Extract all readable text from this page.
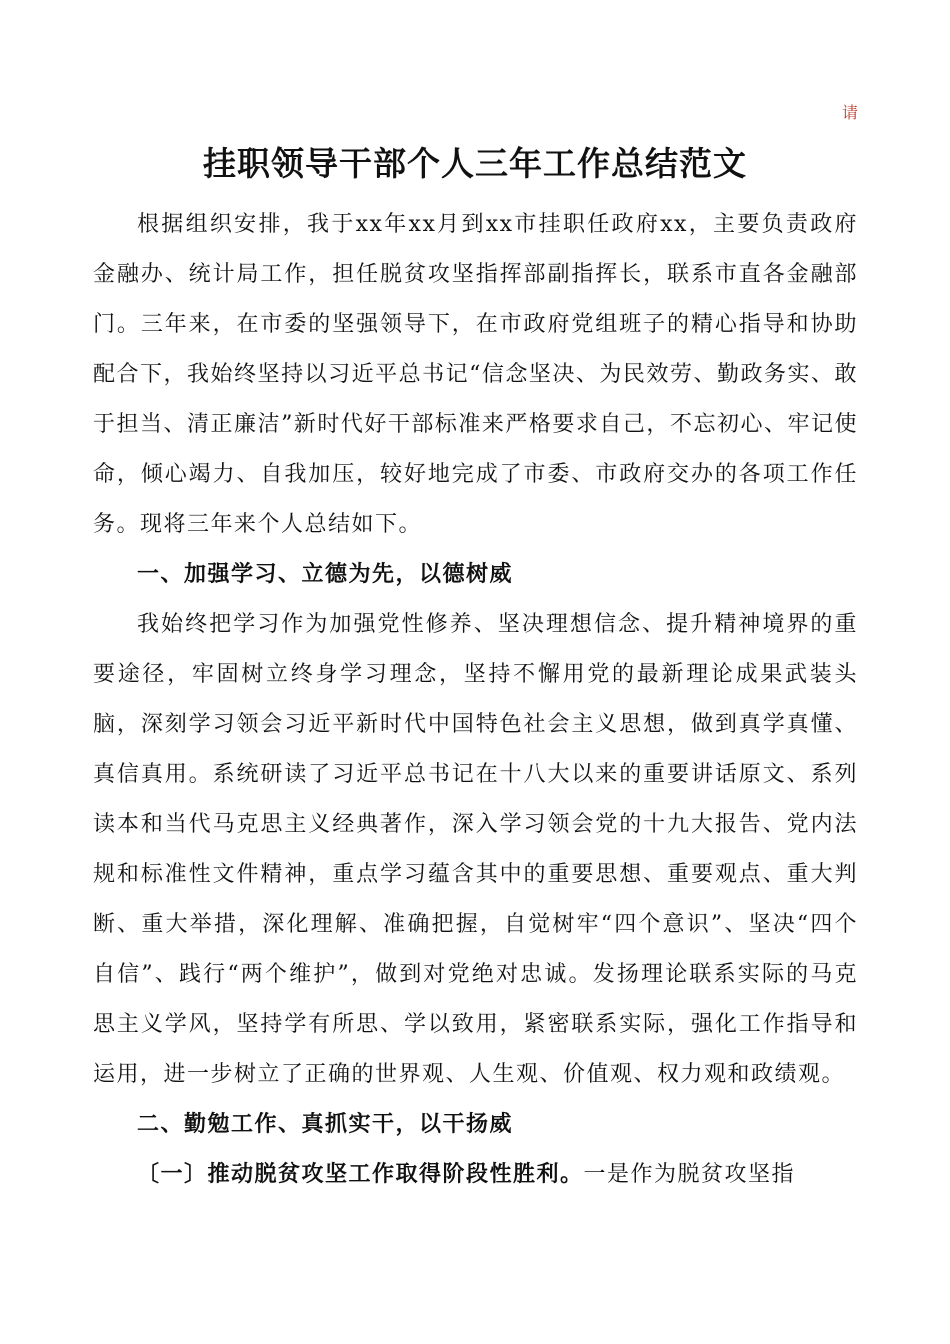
请
挂职领导干部个人三年工作总结范文

根据组织安排，我于xx年xx月到xx市挂职任政府xx，主要负责政府金融办、统计局工作，担任脱贫攻坚指挥部副指挥长，联系市直各金融部门。三年来，在市委的坚强领导下，在市政府党组班子的精心指导和协助配合下，我始终坚持以习近平总书记“信念坚决、为民效劳、勤政务实、敢于担当、清正廉洁”新时代好干部标准来严格要求自己，不忘初心、牢记使命，倾心竭力、自我加压，较好地完成了市委、市政府交办的各项工作任务。现将三年来个人总结如下。

一、加强学习、立德为先，以德树威

我始终把学习作为加强党性修养、坚决理想信念、提升精神境界的重要途径，牢固树立终身学习理念，坚持不懈用党的最新理论成果武装头脑，深刻学习领会习近平新时代中国特色社会主义思想，做到真学真懂、真信真用。系统研读了习近平总书记在十八大以来的重要讲话原文、系列读本和当代马克思主义经典著作，深入学习领会党的十九大报告、党内法规和标准性文件精神，重点学习蕴含其中的重要思想、重要观点、重大判断、重大举措，深化理解、准确把握，自觉树牢“四个意识”、坚决“四个自信”、践行“两个维护”，做到对党绝对忠诚。发扬理论联系实际的马克思主义学风，坚持学有所思、学以致用，紧密联系实际，强化工作指导和运用，进一步树立了正确的世界观、人生观、价值观、权力观和政绩观。

二、勤勉工作、真抓实干，以干扬威

〔一〕推动脱贫攻坚工作取得阶段性胜利。一是作为脱贫攻坚指
